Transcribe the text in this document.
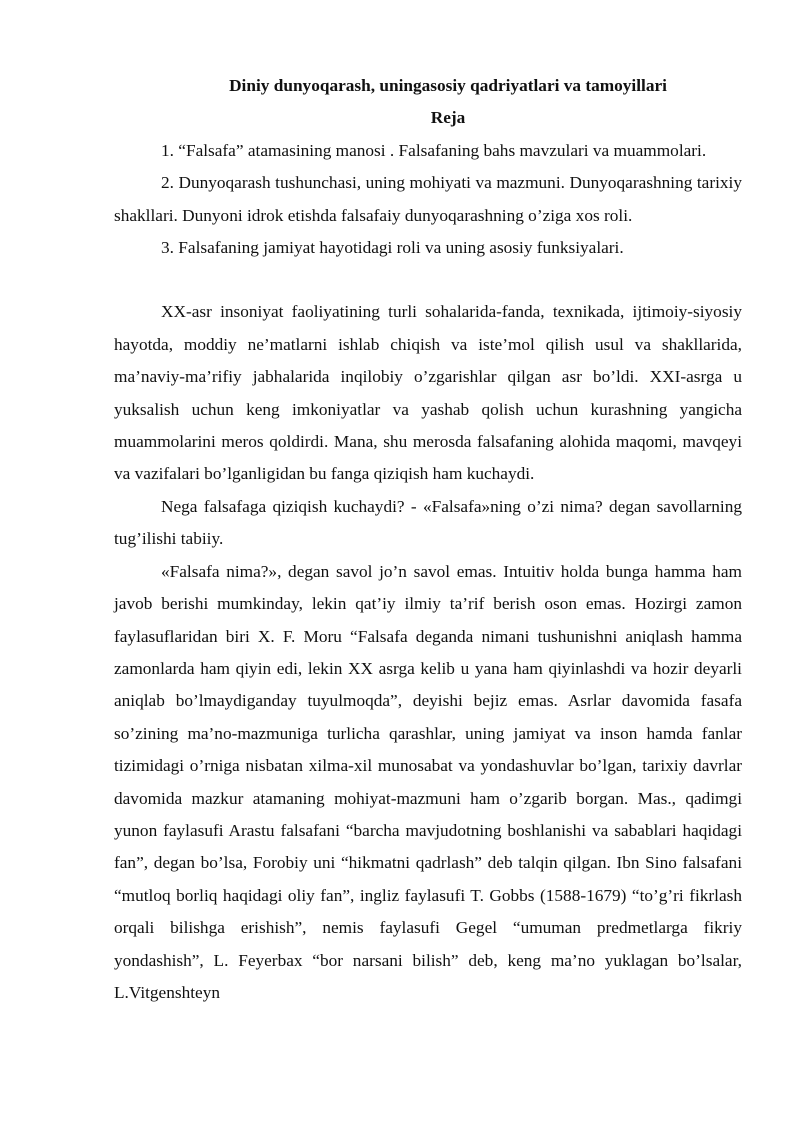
Diniy dunyoqarash, uningasosiy qadriyatlari va tamoyillari

Reja

1. “Falsafa” atamasining manosi . Falsafaning bahs mavzulari va muammolari.

2. Dunyoqarash tushunchasi, uning mohiyati va mazmuni. Dunyoqarashning tarixiy shakllari. Dunyoni idrok etishda falsafaiy dunyoqarashning o’ziga xos roli.

3. Falsafaning jamiyat hayotidagi roli va uning asosiy funksiyalari.

XX-asr insoniyat faoliyatining turli sohalarida-fanda, texnikada, ijtimoiy-siyosiy hayotda, moddiy ne’matlarni ishlab chiqish va iste’mol qilish usul va shakllarida, ma’naviy-ma’rifiy jabhalarida inqilobiy o’zgarishlar qilgan asr bo’ldi. XXI-asrga u yuksalish uchun keng imkoniyatlar va yashab qolish uchun kurashning yangicha muammolarini meros qoldirdi. Mana, shu merosda falsafaning alohida maqomi, mavqeyi va vazifalari bo’lganligidan bu fanga qiziqish ham kuchaydi.

Nega falsafaga qiziqish kuchaydi? - «Falsafa»ning o’zi nima? degan savollarning tug’ilishi tabiiy.

«Falsafa nima?», degan savol jo’n savol emas. Intuitiv holda bunga hamma ham javob berishi mumkinday, lekin qat’iy ilmiy ta’rif berish oson emas. Hozirgi zamon faylasuflaridan biri X. F. Moru “Falsafa deganda nimani tushunishni aniqlash hamma zamonlarda ham qiyin edi, lekin XX asrga kelib u yana ham qiyinlashdi va hozir deyarli aniqlab bo’lmaydiganday tuyulmoqda”, deyishi bejiz emas. Asrlar davomida fasafa so’zining ma’no-mazmuniga turlicha qarashlar, uning jamiyat va inson hamda fanlar tizimidagi o’rniga nisbatan xilma-xil munosabat va yondashuvlar bo’lgan, tarixiy davrlar davomida mazkur atamaning mohiyat-mazmuni ham o’zgarib borgan. Mas., qadimgi yunon faylasufi Arastu falsafani “barcha mavjudotning boshlanishi va sabablari haqidagi fan”, degan bo’lsa, Forobiy uni “hikmatni qadrlash” deb talqin qilgan. Ibn Sino falsafani “mutloq borliq haqidagi oliy fan”, ingliz faylasufi T. Gobbs (1588-1679) “to’g’ri fikrlash orqali bilishga erishish”, nemis faylasufi Gegel “umuman predmetlarga fikriy yondashish”, L. Feyerbax “bor narsani bilish” deb, keng ma’no yuklagan bo’lsalar, L.Vitgenshteyn
